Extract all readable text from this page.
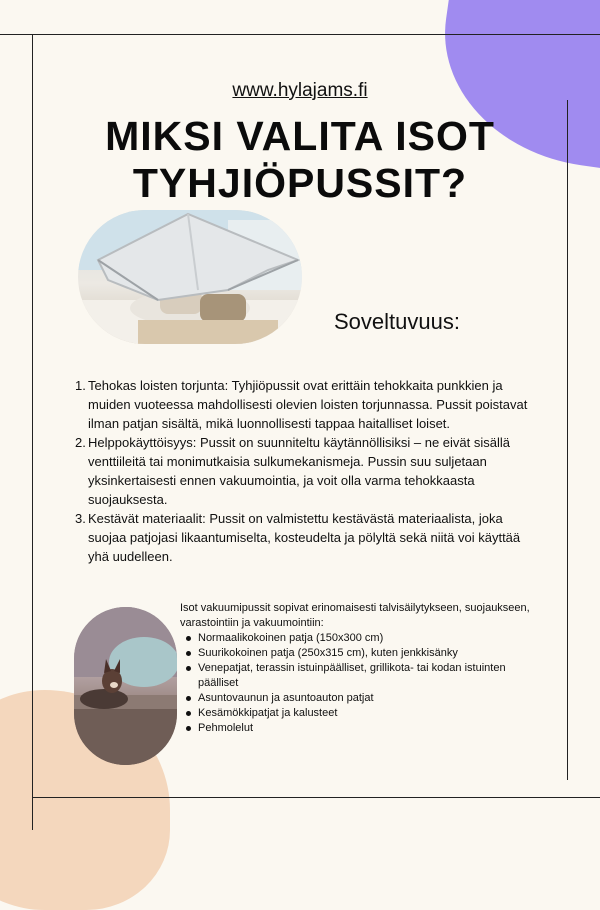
www.hylajams.fi
MIKSI VALITA ISOT TYHJIÖPUSSIT?
Soveltuvuus:
1. Tehokas loisten torjunta: Tyhjiöpussit ovat erittäin tehokkaita punkkien ja muiden vuoteessa mahdollisesti olevien loisten torjunnassa. Pussit poistavat ilman patjan sisältä, mikä luonnollisesti tappaa haitalliset loiset.
2. Helppokäyttöisyys: Pussit on suunniteltu käytännöllisiksi – ne eivät sisällä venttiileitä tai monimutkaisia sulkumekanismeja. Pussin suu suljetaan yksinkertaisesti ennen vakuumointia, ja voit olla varma tehokkaasta suojauksesta.
3. Kestävät materiaalit: Pussit on valmistettu kestävästä materiaalista, joka suojaa patjojasi likaantumiselta, kosteudelta ja pölyltä sekä niitä voi käyttää yhä uudelleen.

Isot vakuumipussit sopivat erinomaisesti talvisäilytykseen, suojaukseen, varastointiin ja vakuumointiin:

Normaalikokoinen patja (150x300 cm)
Suurikokoinen patja (250x315 cm), kuten jenkkisänky
Venepatjat, terassin istuinpäälliset, grillikota- tai kodan istuinten päälliset
Asuntovaunun ja asuntoauton patjat
Kesämökkipatjat ja kalusteet
Pehmolelut
